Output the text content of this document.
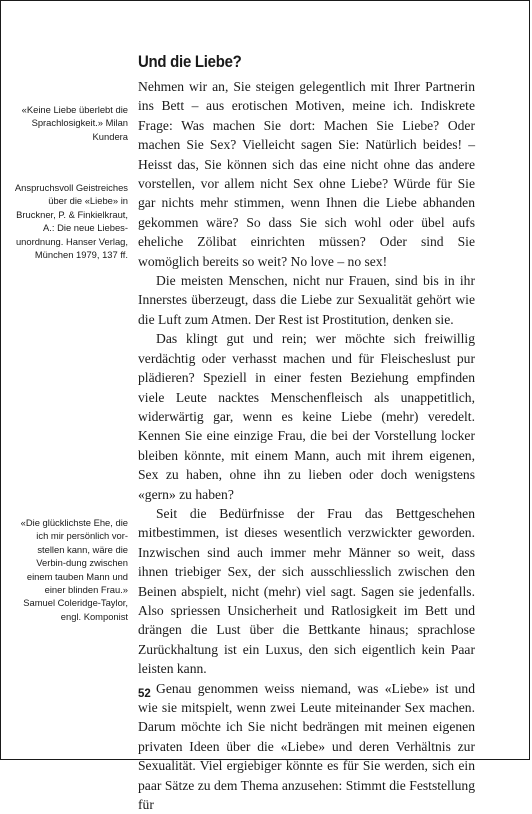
Und die Liebe?

«Keine Liebe überlebt die Sprachlosigkeit.» Milan Kundera

Anspruchsvoll Geistreiches über die «Liebe» in Bruckner, P. & Finkielkraut, A.: Die neue Liebes-unordnung. Hanser Verlag, München 1979, 137 ff.

«Die glücklichste Ehe, die ich mir persönlich vor-stellen kann, wäre die Verbin-dung zwischen einem tauben Mann und einer blinden Frau.» Samuel Coleridge-Taylor, engl. Komponist

Nehmen wir an, Sie steigen gelegentlich mit Ihrer Partnerin ins Bett – aus erotischen Motiven, meine ich. Indiskrete Frage: Was machen Sie dort: Machen Sie Liebe? Oder machen Sie Sex? Vielleicht sagen Sie: Natürlich beides! – Heisst das, Sie können sich das eine nicht ohne das andere vorstellen, vor allem nicht Sex ohne Liebe? Würde für Sie gar nichts mehr stimmen, wenn Ihnen die Liebe abhanden gekommen wäre? So dass Sie sich wohl oder übel aufs eheliche Zölibat einrichten müssen? Oder sind Sie womöglich bereits so weit? No love – no sex!

Die meisten Menschen, nicht nur Frauen, sind bis in ihr Innerstes überzeugt, dass die Liebe zur Sexualität gehört wie die Luft zum Atmen. Der Rest ist Prostitution, denken sie.

Das klingt gut und rein; wer möchte sich freiwillig verdächtig oder verhasst machen und für Fleischeslust pur plädieren? Speziell in einer festen Beziehung empfinden viele Leute nacktes Menschenfleisch als unappetitlich, widerwärtig gar, wenn es keine Liebe (mehr) veredelt. Kennen Sie eine einzige Frau, die bei der Vorstellung locker bleiben könnte, mit einem Mann, auch mit ihrem eigenen, Sex zu haben, ohne ihn zu lieben oder doch wenigstens «gern» zu haben?

Seit die Bedürfnisse der Frau das Bettgeschehen mitbestimmen, ist dieses wesentlich verzwickter geworden. Inzwischen sind auch immer mehr Männer so weit, dass ihnen triebiger Sex, der sich ausschliesslich zwischen den Beinen abspielt, nicht (mehr) viel sagt. Sagen sie jedenfalls. Also spriessen Unsicherheit und Ratlosigkeit im Bett und drängen die Lust über die Bettkante hinaus; sprachlose Zurückhaltung ist ein Luxus, den sich eigentlich kein Paar leisten kann.

Genau genommen weiss niemand, was «Liebe» ist und wie sie mitspielt, wenn zwei Leute miteinander Sex machen. Darum möchte ich Sie nicht bedrängen mit meinen eigenen privaten Ideen über die «Liebe» und deren Verhältnis zur Sexualität. Viel ergiebiger könnte es für Sie werden, sich ein paar Sätze zu dem Thema anzusehen: Stimmt die Feststellung für

52
